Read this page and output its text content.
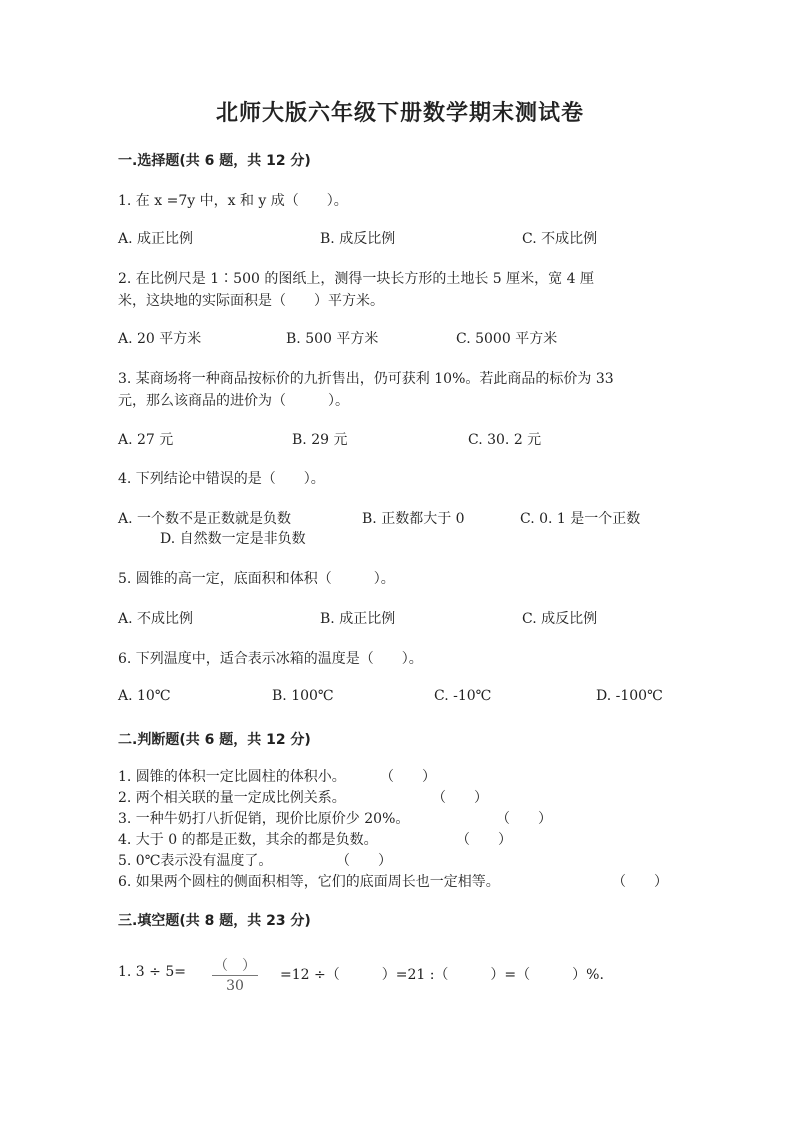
北师大版六年级下册数学期末测试卷
一.选择题(共 6 题，共 12 分)
1. 在 x =7y 中，x 和 y 成（　　）。
A. 成正比例	B. 成反比例	C. 不成比例
2. 在比例尺是 1∶500 的图纸上，测得一块长方形的土地长 5 厘米，宽 4 厘
米，这块地的实际面积是（　　）平方米。
A. 20 平方米	B. 500 平方米	C. 5000 平方米
3. 某商场将一种商品按标价的九折售出，仍可获利 10%。若此商品的标价为 33
元，那么该商品的进价为（　　　）。
A. 27 元	B. 29 元	C. 30. 2 元
4. 下列结论中错误的是（　　）。
A. 一个数不是正数就是负数	B. 正数都大于 0	C. 0. 1 是一个正数
D. 自然数一定是非负数
5. 圆锥的高一定，底面积和体积（　　　）。
A. 不成比例	B. 成正比例	C. 成反比例
6. 下列温度中，适合表示冰箱的温度是（　　）。
A. 10℃	B. 100℃	C. -10℃	D. -100℃
二.判断题(共 6 题，共 12 分)
1. 圆锥的体积一定比圆柱的体积小。 （　　）
2. 两个相关联的量一定成比例关系。	（　　）
3. 一种牛奶打八折促销，现价比原价少 20%。	（　　）
4. 大于 0 的都是正数，其余的都是负数。	（　　）
5. 0℃表示没有温度了。	（　　）
6. 如果两个圆柱的侧面积相等，它们的底面周长也一定相等。	（　　）
三.填空题(共 8 题，共 23 分)
1. 3 ÷ 5= （　）
30
=12 ÷（　　　）=21 :（　　　）=（　　　）%.
